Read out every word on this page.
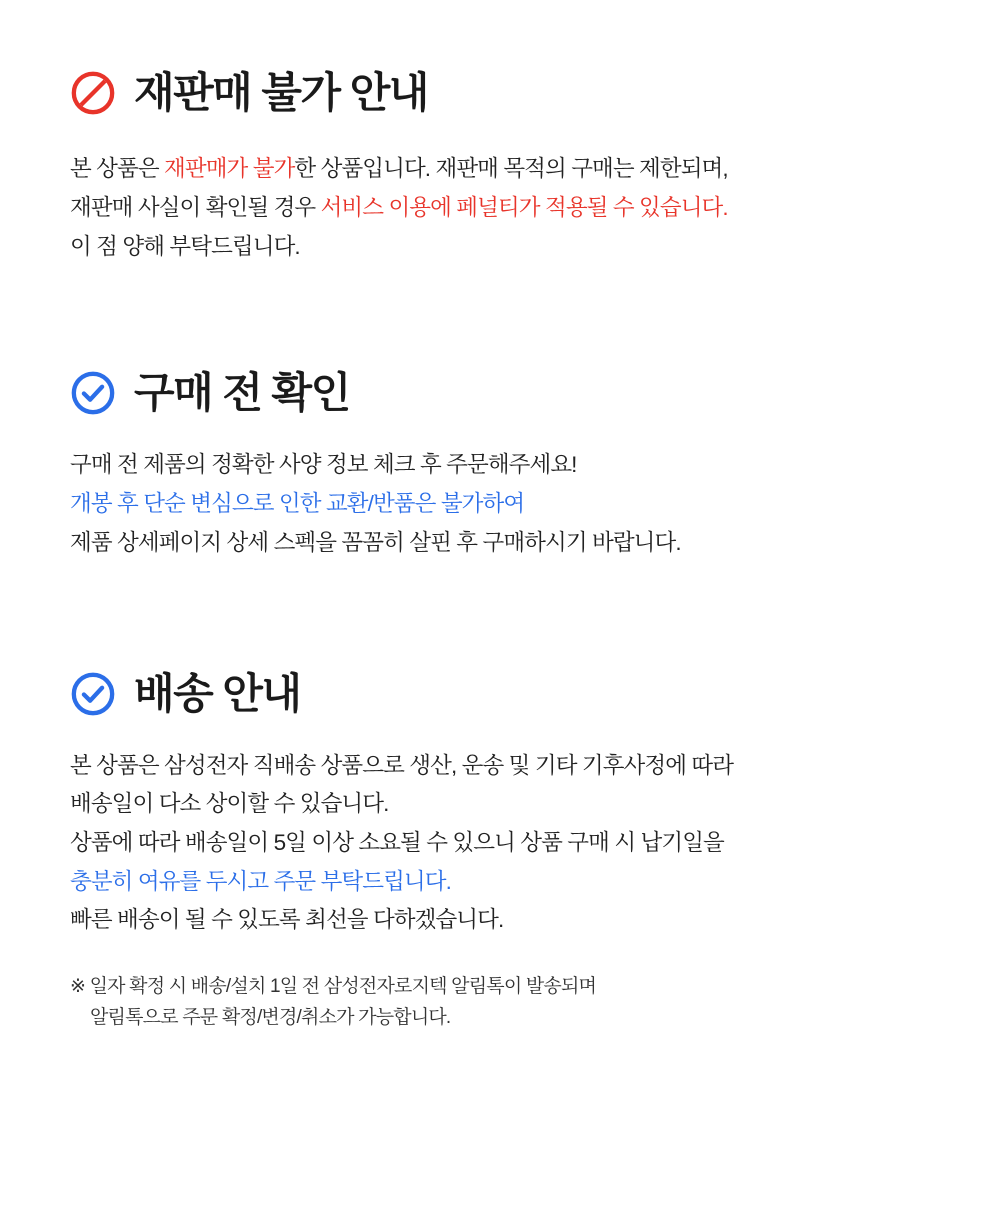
재판매 불가 안내
본 상품은 재판매가 불가한 상품입니다. 재판매 목적의 구매는 제한되며,
재판매 사실이 확인될 경우 서비스 이용에 페널티가 적용될 수 있습니다.
이 점 양해 부탁드립니다.
구매 전 확인
구매 전 제품의 정확한 사양 정보 체크 후 주문해주세요!
개봉 후 단순 변심으로 인한 교환/반품은 불가하여
제품 상세페이지 상세 스펙을 꼼꼼히 살핀 후 구매하시기 바랍니다.
배송 안내
본 상품은 삼성전자 직배송 상품으로 생산, 운송 및 기타 기후사정에 따라
배송일이 다소 상이할 수 있습니다.
상품에 따라 배송일이 5일 이상 소요될 수 있으니 상품 구매 시 납기일을
충분히 여유를 두시고 주문 부탁드립니다.
빠른 배송이 될 수 있도록 최선을 다하겠습니다.
※ 일자 확정 시 배송/설치 1일 전 삼성전자로지텍 알림톡이 발송되며
알림톡으로 주문 확정/변경/취소가 가능합니다.
